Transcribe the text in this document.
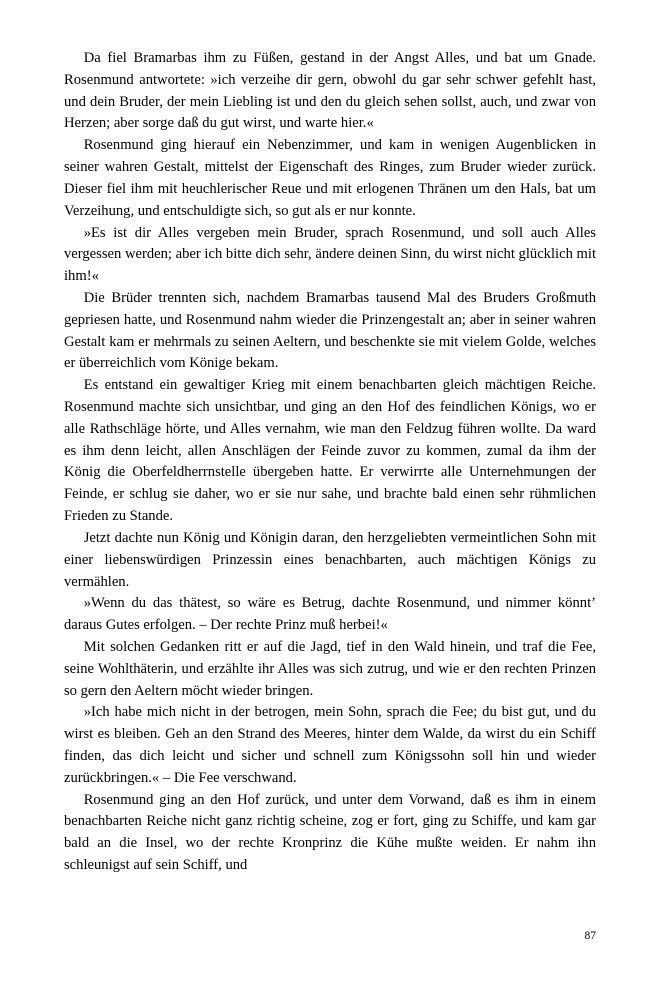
Da fiel Bramarbas ihm zu Füßen, gestand in der Angst Alles, und bat um Gnade. Rosenmund antwortete: »ich verzeihe dir gern, obwohl du gar sehr schwer gefehlt hast, und dein Bruder, der mein Liebling ist und den du gleich sehen sollst, auch, und zwar von Herzen; aber sorge daß du gut wirst, und warte hier.«

Rosenmund ging hierauf ein Nebenzimmer, und kam in wenigen Augenblicken in seiner wahren Gestalt, mittelst der Eigenschaft des Ringes, zum Bruder wieder zurück. Dieser fiel ihm mit heuchlerischer Reue und mit erlogenen Thränen um den Hals, bat um Verzeihung, und entschuldigte sich, so gut als er nur konnte.

»Es ist dir Alles vergeben mein Bruder, sprach Rosenmund, und soll auch Alles vergessen werden; aber ich bitte dich sehr, ändere deinen Sinn, du wirst nicht glücklich mit ihm!«

Die Brüder trennten sich, nachdem Bramarbas tausend Mal des Bruders Großmuth gepriesen hatte, und Rosenmund nahm wieder die Prinzengestalt an; aber in seiner wahren Gestalt kam er mehrmals zu seinen Aeltern, und beschenkte sie mit vielem Golde, welches er überreichlich vom Könige bekam.

Es entstand ein gewaltiger Krieg mit einem benachbarten gleich mächtigen Reiche. Rosenmund machte sich unsichtbar, und ging an den Hof des feindlichen Königs, wo er alle Rathschläge hörte, und Alles vernahm, wie man den Feldzug führen wollte. Da ward es ihm denn leicht, allen Anschlägen der Feinde zuvor zu kommen, zumal da ihm der König die Oberfeldherrnstelle übergeben hatte. Er verwirrte alle Unternehmungen der Feinde, er schlug sie daher, wo er sie nur sahe, und brachte bald einen sehr rühmlichen Frieden zu Stande.

Jetzt dachte nun König und Königin daran, den herzgeliebten vermeintlichen Sohn mit einer liebenswürdigen Prinzessin eines benachbarten, auch mächtigen Königs zu vermählen.

»Wenn du das thätest, so wäre es Betrug, dachte Rosenmund, und nimmer könnt’ daraus Gutes erfolgen. – Der rechte Prinz muß herbei!«

Mit solchen Gedanken ritt er auf die Jagd, tief in den Wald hinein, und traf die Fee, seine Wohlthäterin, und erzählte ihr Alles was sich zutrug, und wie er den rechten Prinzen so gern den Aeltern möcht wieder bringen.

»Ich habe mich nicht in der betrogen, mein Sohn, sprach die Fee; du bist gut, und du wirst es bleiben. Geh an den Strand des Meeres, hinter dem Walde, da wirst du ein Schiff finden, das dich leicht und sicher und schnell zum Königssohn soll hin und wieder zurückbringen.« – Die Fee verschwand.

Rosenmund ging an den Hof zurück, und unter dem Vorwand, daß es ihm in einem benachbarten Reiche nicht ganz richtig scheine, zog er fort, ging zu Schiffe, und kam gar bald an die Insel, wo der rechte Kronprinz die Kühe mußte weiden. Er nahm ihn schleunigst auf sein Schiff, und

87
